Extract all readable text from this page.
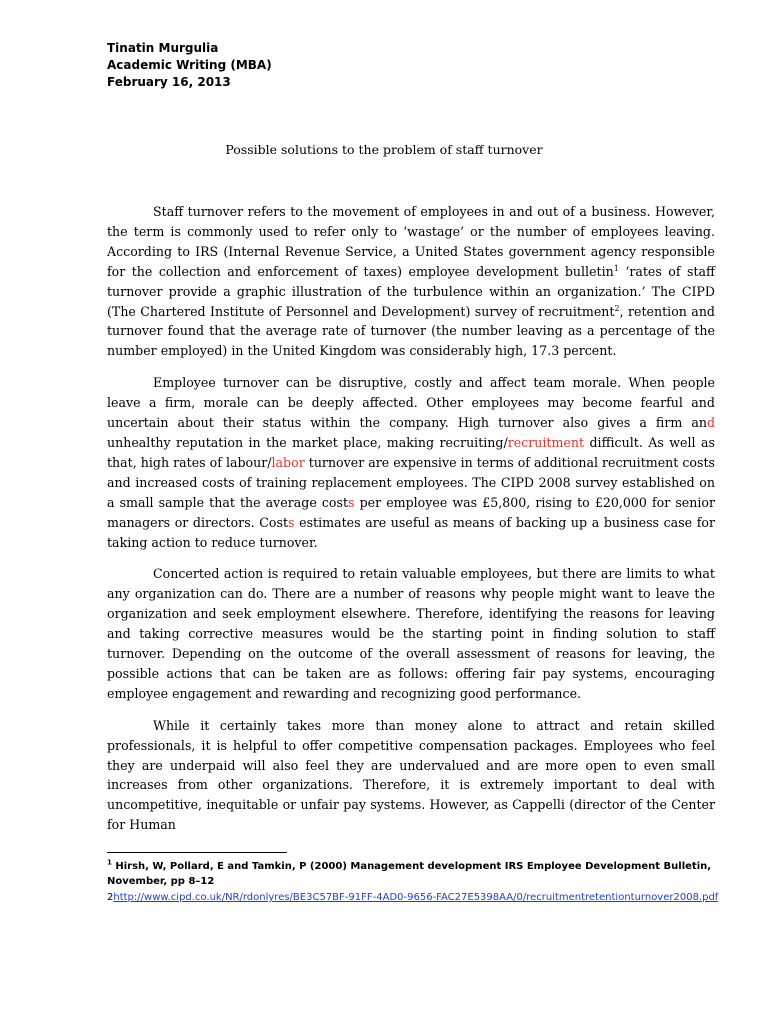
Tinatin Murgulia
Academic Writing (MBA)
February 16, 2013
Possible solutions to the problem of staff turnover

Staff turnover refers to the movement of employees in and out of a business. However, the term is commonly used to refer only to ‘wastage’ or the number of employees leaving. According to IRS (Internal Revenue Service, a United States government agency responsible for the collection and enforcement of taxes) employee development bulletin$^1$ ‘rates of staff turnover provide a graphic illustration of the turbulence within an organization.’ The CIPD (The Chartered Institute of Personnel and Development) survey of recruitment$^2$, retention and turnover found that the average rate of turnover (the number leaving as a percentage of the number employed) in the United Kingdom was considerably high, 17.3 percent.

Employee turnover can be disruptive, costly and affect team morale. When people leave a firm, morale can be deeply affected. Other employees may become fearful and uncertain about their status within the company. High turnover also gives a firm and unhealthy reputation in the market place, making recruiting/recruitment difficult. As well as that, high rates of labour/labor turnover are expensive in terms of additional recruitment costs and increased costs of training replacement employees. The CIPD 2008 survey established on a small sample that the average costs per employee was £5,800, rising to £20,000 for senior managers or directors. Costs estimates are useful as means of backing up a business case for taking action to reduce turnover.

Concerted action is required to retain valuable employees, but there are limits to what any organization can do. There are a number of reasons why people might want to leave the organization and seek employment elsewhere. Therefore, identifying the reasons for leaving and taking corrective measures would be the starting point in finding solution to staff turnover. Depending on the outcome of the overall assessment of reasons for leaving, the possible actions that can be taken are as follows: offering fair pay systems, encouraging employee engagement and rewarding and recognizing good performance.

While it certainly takes more than money alone to attract and retain skilled professionals, it is helpful to offer competitive compensation packages. Employees who feel they are underpaid will also feel they are undervalued and are more open to even small increases from other organizations. Therefore, it is extremely important to deal with uncompetitive, inequitable or unfair pay systems. However, as Cappelli (director of the Center for Human

$^1$ Hirsh, W, Pollard, E and Tamkin, P (2000) Management development IRS Employee Development Bulletin, November, pp 8–12

2http://www.cipd.co.uk/NR/rdonlyres/BE3C57BF-91FF-4AD0-9656-FAC27E5398AA/0/recruitmentretentionturnover2008.pdf
